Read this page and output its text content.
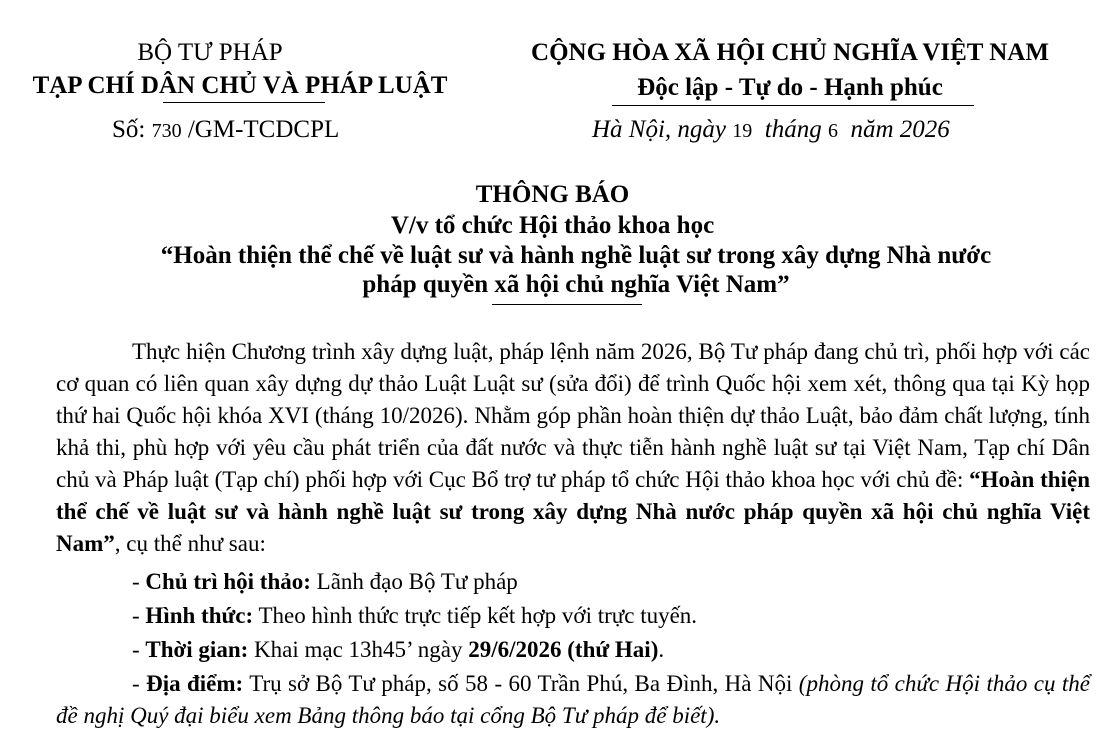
BỘ TƯ PHÁP
TẠP CHÍ DÂN CHỦ VÀ PHÁP LUẬT
Số: 730 /GM-TCDCPL
CỘNG HÒA XÃ HỘI CHỦ NGHĨA VIỆT NAM
Độc lập - Tự do - Hạnh phúc
Hà Nội, ngày 19 tháng 6 năm 2026
THÔNG BÁO
V/v tổ chức Hội thảo khoa học
“Hoàn thiện thể chế về luật sư và hành nghề luật sư trong xây dựng Nhà nước
pháp quyền xã hội chủ nghĩa Việt Nam”
Thực hiện Chương trình xây dựng luật, pháp lệnh năm 2026, Bộ Tư pháp đang chủ trì, phối hợp với các cơ quan có liên quan xây dựng dự thảo Luật Luật sư (sửa đổi) để trình Quốc hội xem xét, thông qua tại Kỳ họp thứ hai Quốc hội khóa XVI (tháng 10/2026). Nhằm góp phần hoàn thiện dự thảo Luật, bảo đảm chất lượng, tính khả thi, phù hợp với yêu cầu phát triển của đất nước và thực tiễn hành nghề luật sư tại Việt Nam, Tạp chí Dân chủ và Pháp luật (Tạp chí) phối hợp với Cục Bổ trợ tư pháp tổ chức Hội thảo khoa học với chủ đề: “Hoàn thiện thể chế về luật sư và hành nghề luật sư trong xây dựng Nhà nước pháp quyền xã hội chủ nghĩa Việt Nam”, cụ thể như sau:
- Chủ trì hội thảo: Lãnh đạo Bộ Tư pháp
- Hình thức: Theo hình thức trực tiếp kết hợp với trực tuyến.
- Thời gian: Khai mạc 13h45’ ngày 29/6/2026 (thứ Hai).
- Địa điểm: Trụ sở Bộ Tư pháp, số 58 - 60 Trần Phú, Ba Đình, Hà Nội (phòng tổ chức Hội thảo cụ thể đề nghị Quý đại biểu xem Bảng thông báo tại cổng Bộ Tư pháp để biết).
